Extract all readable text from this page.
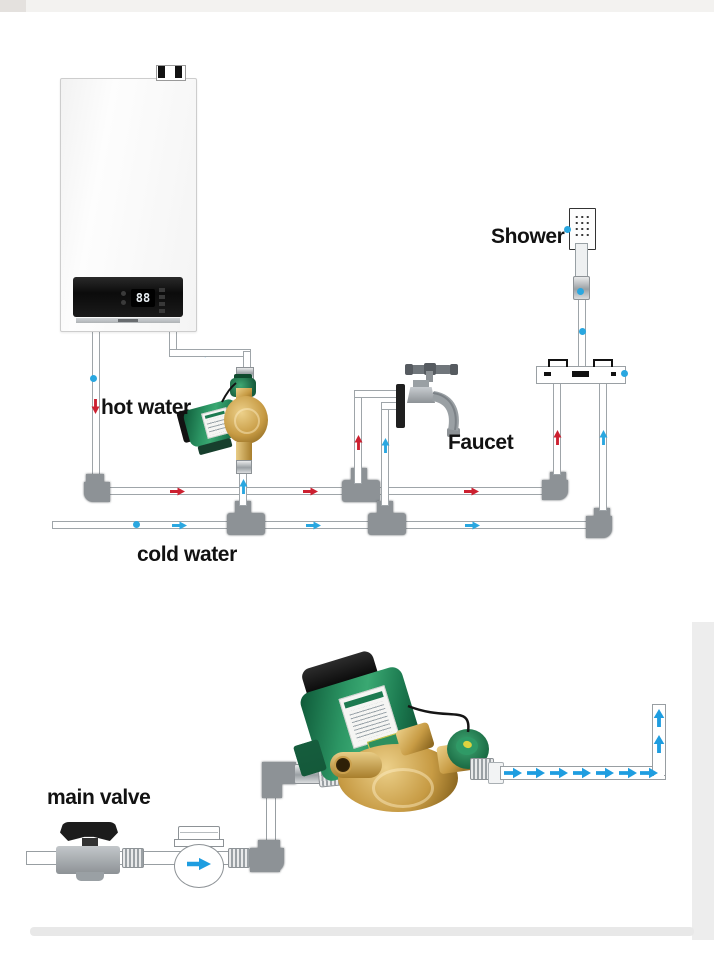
88
hot water
cold water
Faucet
Shower
main valve
